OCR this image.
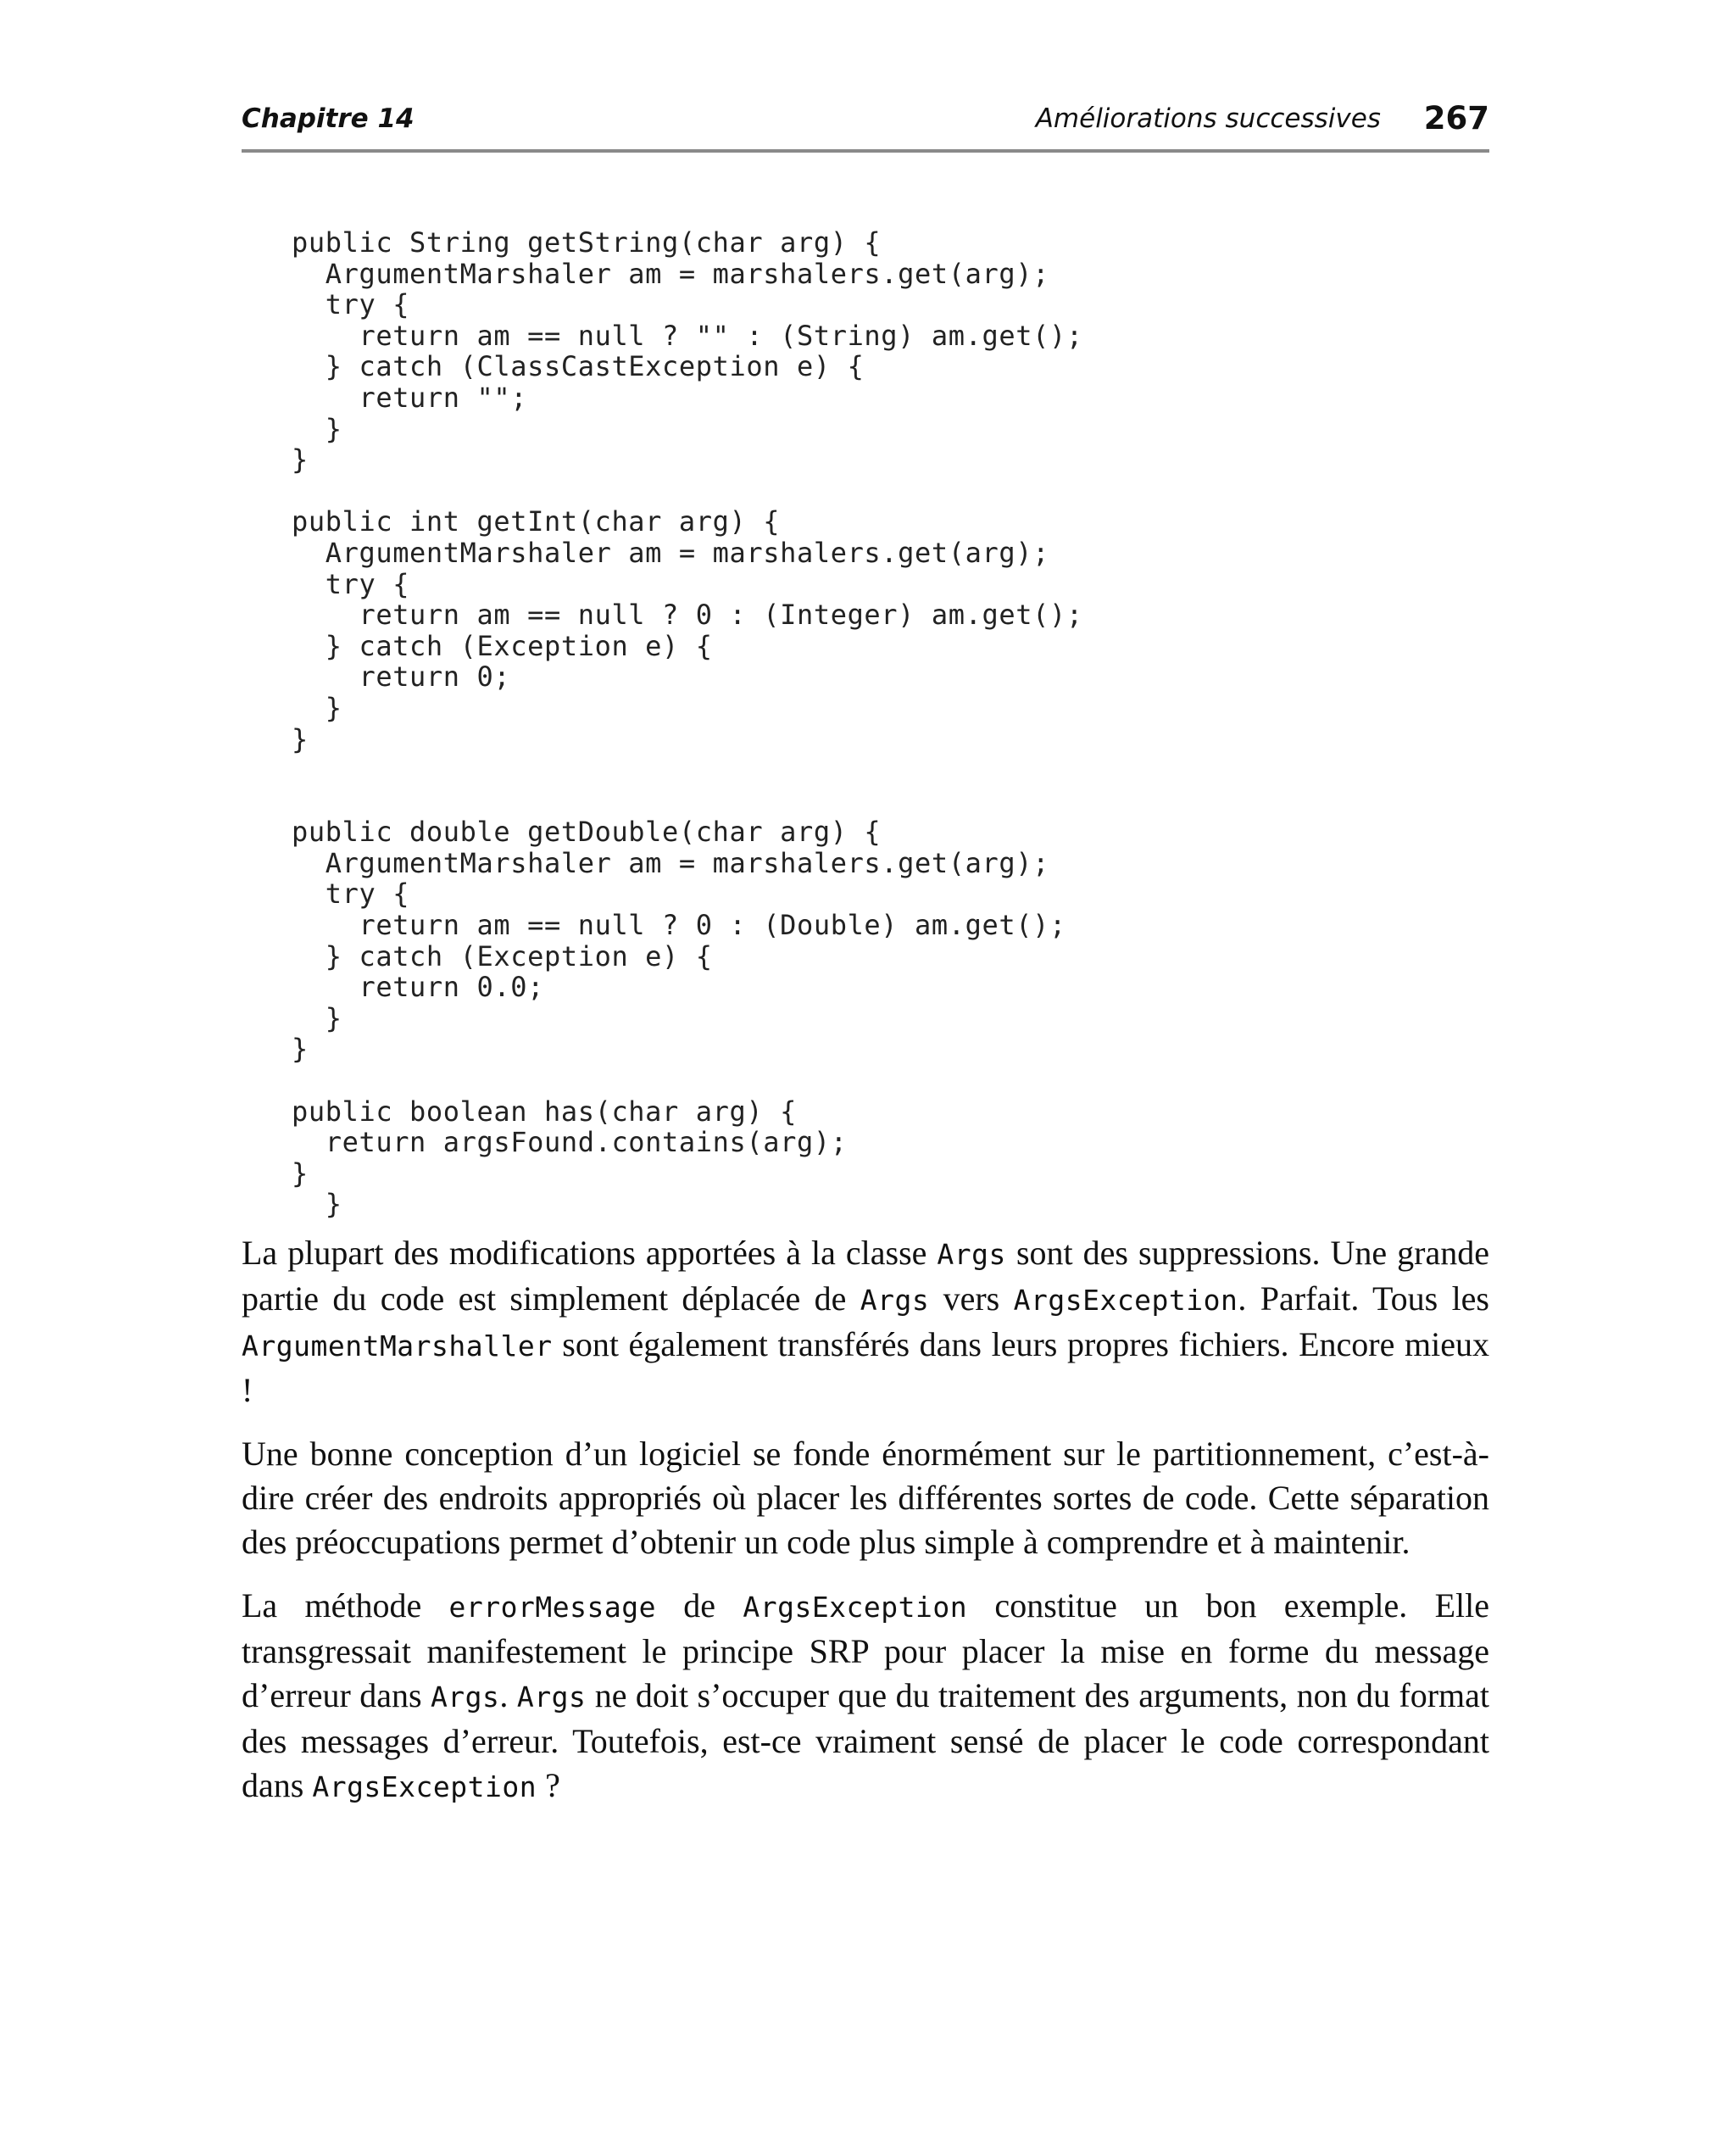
Chapitre 14	Améliorations successives 267
public String getString(char arg) {
ArgumentMarshaler am = marshalers.get(arg);
try {
return am == null ? "" : (String) am.get();
} catch (ClassCastException e) {
return "";
}
}

public int getInt(char arg) {
ArgumentMarshaler am = marshalers.get(arg);
try {
return am == null ? 0 : (Integer) am.get();
} catch (Exception e) {
return 0;
}
}

public double getDouble(char arg) {
ArgumentMarshaler am = marshalers.get(arg);
try {
return am == null ? 0 : (Double) am.get();
} catch (Exception e) {
return 0.0;
}
}

public boolean has(char arg) {
return argsFound.contains(arg);
}
}

La plupart des modifications apportées à la classe Args sont des suppressions. Une grande partie du code est simplement déplacée de Args vers ArgsException. Parfait. Tous les ArgumentMarshaller sont également transférés dans leurs propres fichiers. Encore mieux !

Une bonne conception d’un logiciel se fonde énormément sur le partitionnement, c’est-à-dire créer des endroits appropriés où placer les différentes sortes de code. Cette séparation des préoccupations permet d’obtenir un code plus simple à comprendre et à maintenir.

La méthode errorMessage de ArgsException constitue un bon exemple. Elle transgressait manifestement le principe SRP pour placer la mise en forme du message d’erreur dans Args. Args ne doit s’occuper que du traitement des arguments, non du format des messages d’erreur. Toutefois, est-ce vraiment sensé de placer le code correspondant dans ArgsException ?
